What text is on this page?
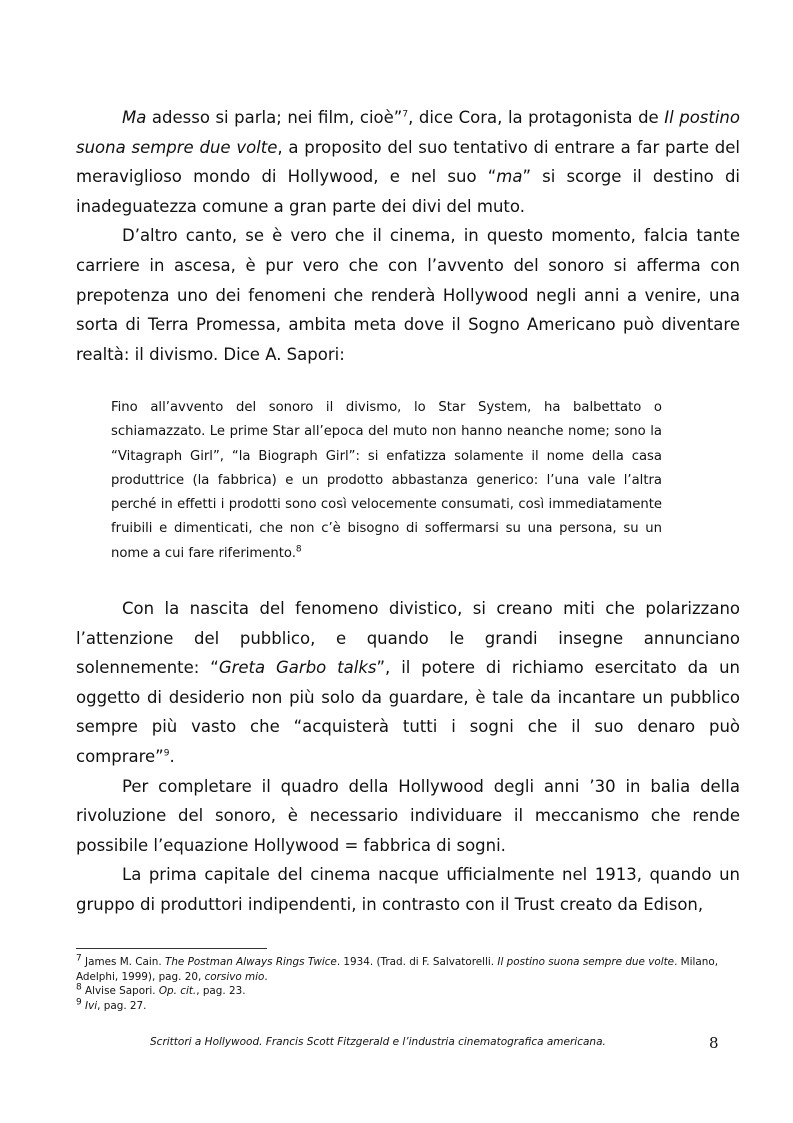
Ma adesso si parla; nei film, cioè”$^7$, dice Cora, la protagonista de Il postino suona sempre due volte, a proposito del suo tentativo di entrare a far parte del meraviglioso mondo di Hollywood, e nel suo “ma” si scorge il destino di inadeguatezza comune a gran parte dei divi del muto.

D’altro canto, se è vero che il cinema, in questo momento, falcia tante carriere in ascesa, è pur vero che con l’avvento del sonoro si afferma con prepotenza uno dei fenomeni che renderà Hollywood negli anni a venire, una sorta di Terra Promessa, ambita meta dove il Sogno Americano può diventare realtà: il divismo. Dice A. Sapori:

Fino all’avvento del sonoro il divismo, lo Star System, ha balbettato o schiamazzato. Le prime Star all’epoca del muto non hanno neanche nome; sono la “Vitagraph Girl”, “la Biograph Girl”: si enfatizza solamente il nome della casa produttrice (la fabbrica) e un prodotto abbastanza generico: l’una vale l’altra perché in effetti i prodotti sono così velocemente consumati, così immediatamente fruibili e dimenticati, che non c’è bisogno di soffermarsi su una persona, su un nome a cui fare riferimento.$^8$

Con la nascita del fenomeno divistico, si creano miti che polarizzano l’attenzione del pubblico, e quando le grandi insegne annunciano solennemente: “Greta Garbo talks”, il potere di richiamo esercitato da un oggetto di desiderio non più solo da guardare, è tale da incantare un pubblico sempre più vasto che “acquisterà tutti i sogni che il suo denaro può comprare”$^9$.

Per completare il quadro della Hollywood degli anni ’30 in balia della rivoluzione del sonoro, è necessario individuare il meccanismo che rende possibile l’equazione Hollywood = fabbrica di sogni.

La prima capitale del cinema nacque ufficialmente nel 1913, quando un gruppo di produttori indipendenti, in contrasto con il Trust creato da Edison,

$^7$ James M. Cain. The Postman Always Rings Twice. 1934. (Trad. di F. Salvatorelli. Il postino suona sempre due volte. Milano, Adelphi, 1999), pag. 20, corsivo mio.

$^8$ Alvise Sapori. Op. cit., pag. 23.

$^9$ Ivi, pag. 27.

Scrittori a Hollywood. Francis Scott Fitzgerald e l’industria cinematografica americana.	8
